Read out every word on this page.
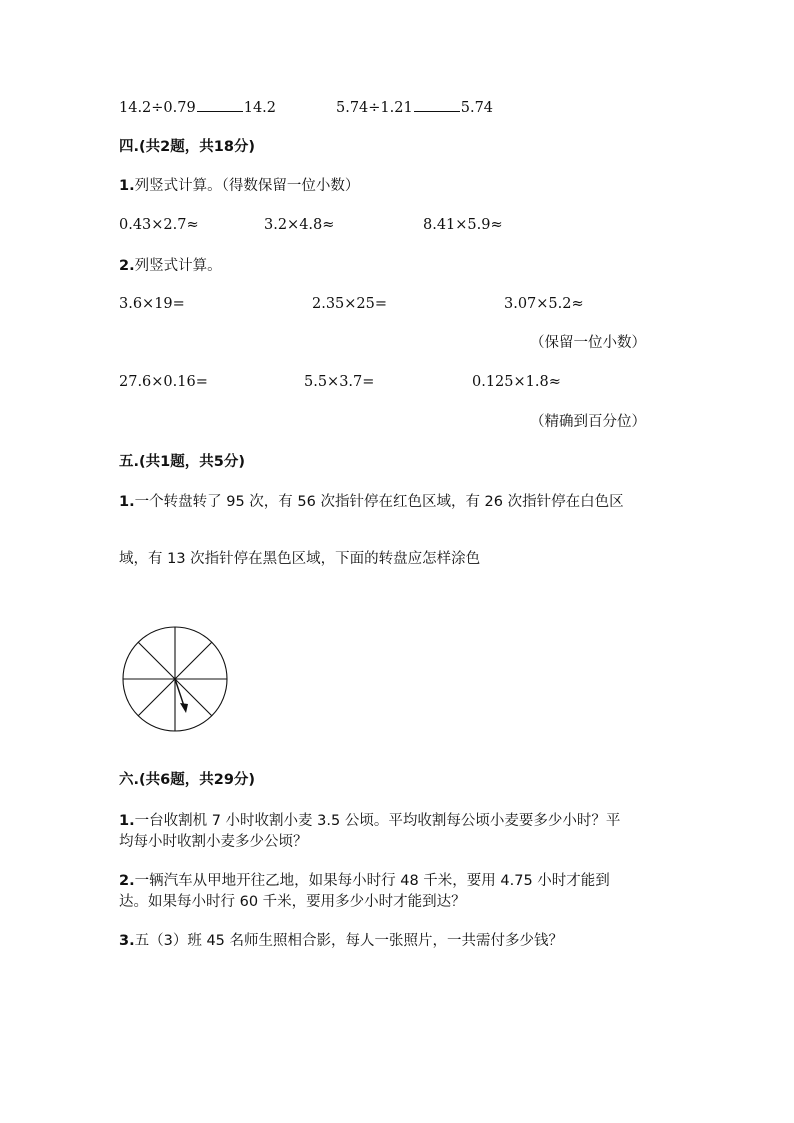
14.2÷0.79	14.2	5.74÷1.21	5.74
四.(共2题，共18分)
1.列竖式计算。（得数保留一位小数）
0.43×2.7≈	3.2×4.8≈	8.41×5.9≈
2.列竖式计算。
3.6×19=	2.35×25=	3.07×5.2≈
（保留一位小数）
27.6×0.16=	5.5×3.7=	0.125×1.8≈
（精确到百分位）
五.(共1题，共5分)
1.一个转盘转了 95 次，有 56 次指针停在红色区域，有 26 次指针停在白色区
域，有 13 次指针停在黑色区域，下面的转盘应怎样涂色
六.(共6题，共29分)
1.一台收割机 7 小时收割小麦 3.5 公顷。平均收割每公顷小麦要多少小时？平
均每小时收割小麦多少公顷？
2.一辆汽车从甲地开往乙地，如果每小时行 48 千米，要用 4.75 小时才能到
达。如果每小时行 60 千米，要用多少小时才能到达？
3.五（3）班 45 名师生照相合影，每人一张照片，一共需付多少钱？
